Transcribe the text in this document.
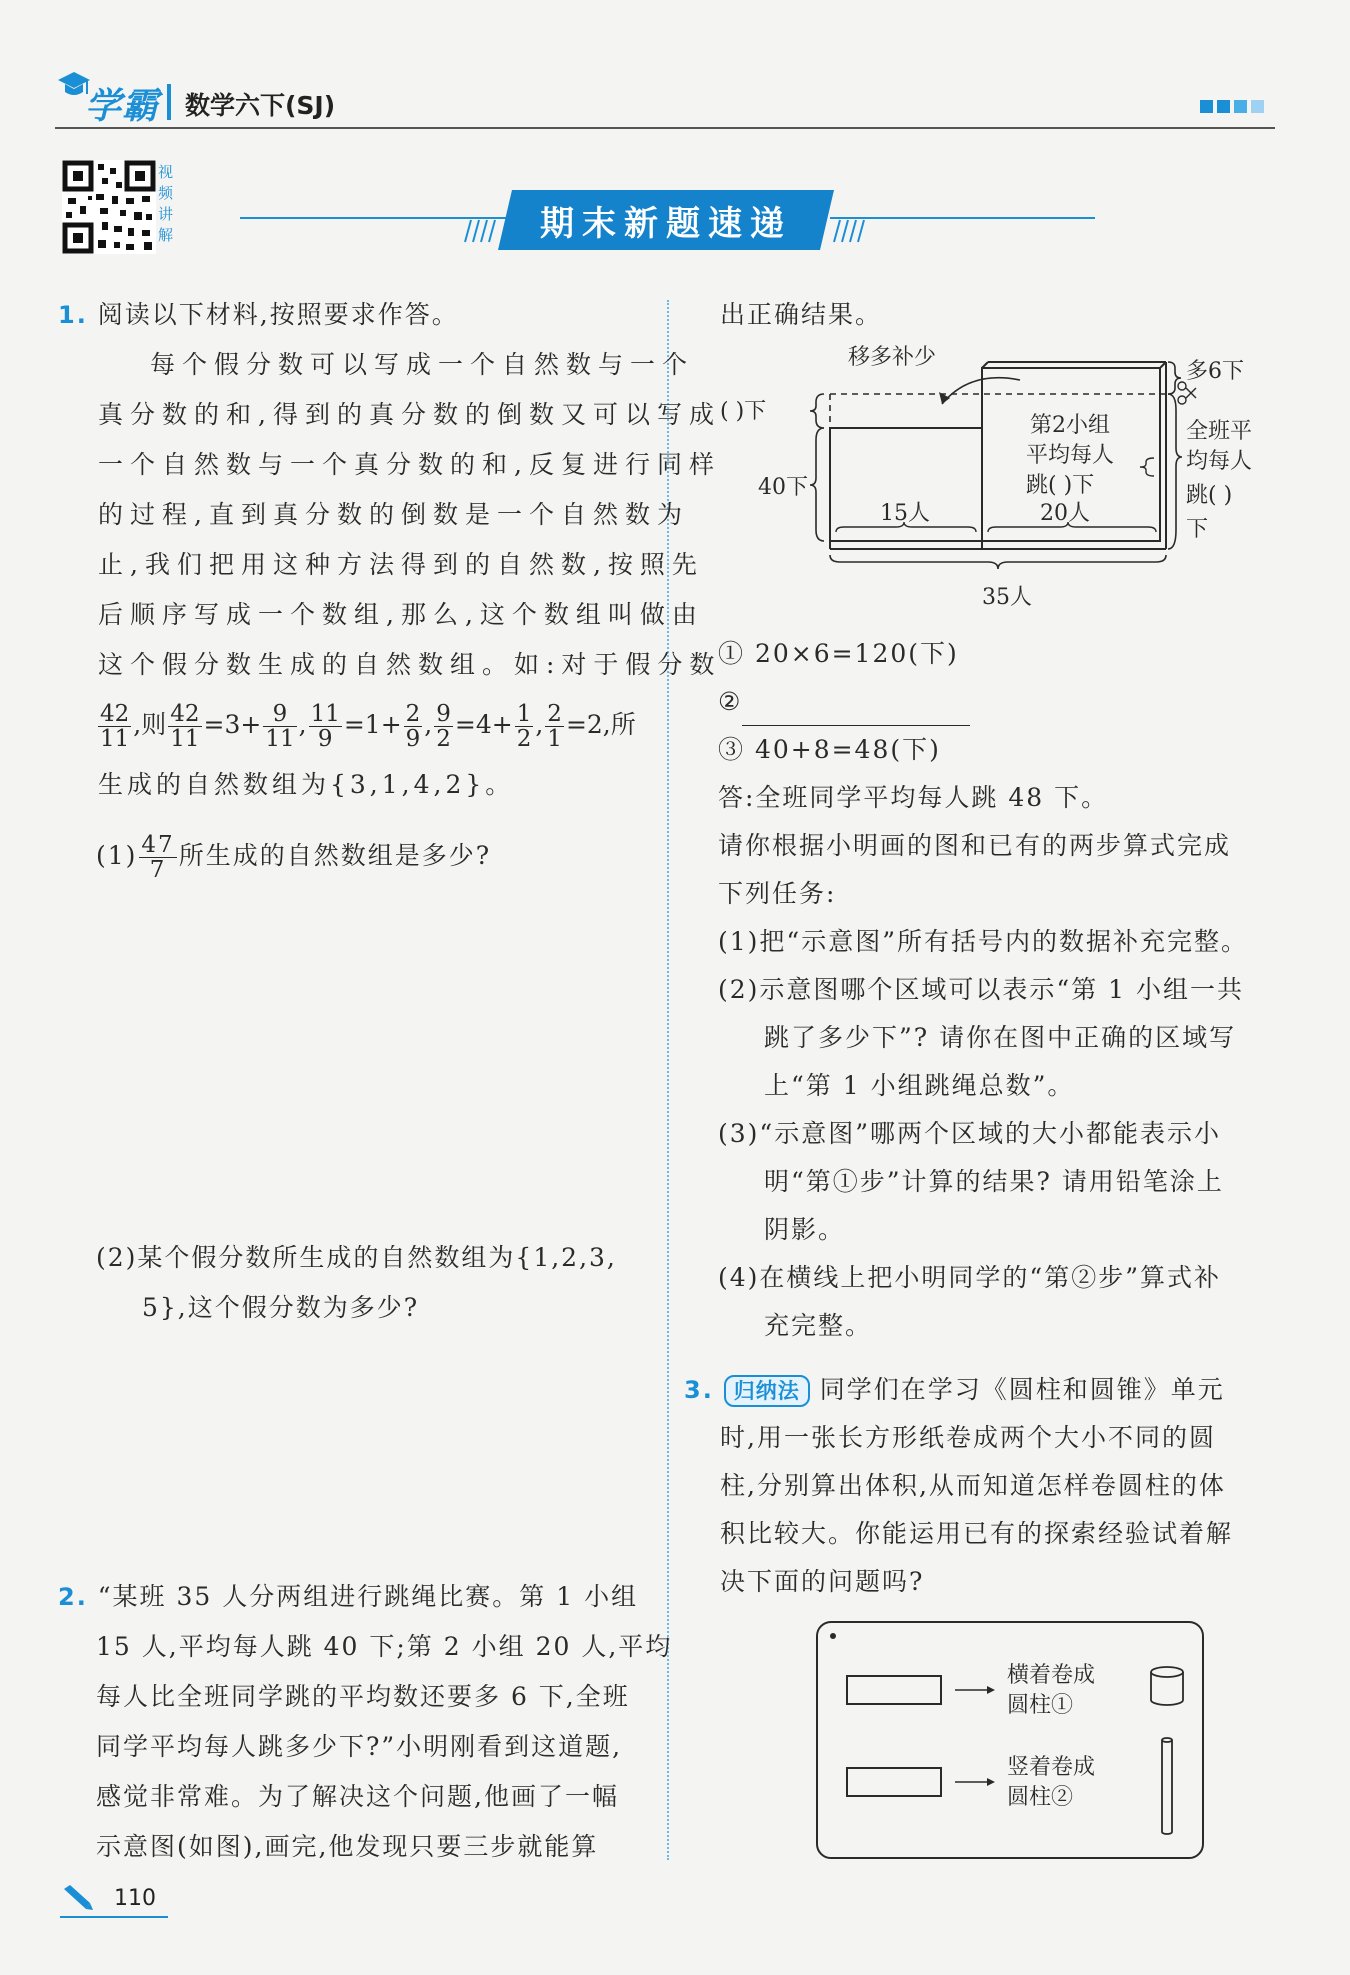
学霸 数学六下(SJ)
视频讲解	期末新题速递
1. 阅读以下材料,按照要求作答。
每个假分数可以写成一个自然数与一个
真分数的和,得到的真分数的倒数又可以写成
一个自然数与一个真分数的和,反复进行同样
的过程,直到真分数的倒数是一个自然数为
止,我们把用这种方法得到的自然数,按照先
后顺序写成一个数组,那么,这个数组叫做由
这个假分数生成的自然数组。如:对于假分数
$\frac{42}{11}$ ,则 $\frac{42}{11} =3+ \frac{9}{11}$ , $\frac{11}{9} =1+ \frac{2}{9}$ , $\frac{9}{2} =4+ \frac{1}{2}$ , $\frac{2}{1} =2$,所
生成的自然数组为{3,1,4,2}。
$(1) \frac{47}{7}$ 所生成的自然数组是多少?
(2)某个假分数所生成的自然数组为{1,2,3,
5},这个假分数为多少?
2. “某班 35 人分两组进行跳绳比赛。第 1 小组
15 人,平均每人跳 40 下;第 2 小组 20 人,平均
每人比全班同学跳的平均数还要多 6 下,全班
同学平均每人跳多少下?”小明刚看到这道题,
感觉非常难。为了解决这个问题,他画了一幅
示意图(如图),画完,他发现只要三步就能算
出正确结果。
移多补少
( )下
40下
15人	20人
第2小组
平均每人
跳( )下
多6下
全班平
均每人
跳( )
下
35人
① 20×6=120(下)
②
③ 40+8=48(下)
答:全班同学平均每人跳 48 下。
请你根据小明画的图和已有的两步算式完成
下列任务:
(1)把“示意图”所有括号内的数据补充完整。
(2)示意图哪个区域可以表示“第 1 小组一共
跳了多少下”? 请你在图中正确的区域写
上“第 1 小组跳绳总数”。
(3)“示意图”哪两个区域的大小都能表示小
明“第①步”计算的结果? 请用铅笔涂上
阴影。
(4)在横线上把小明同学的“第②步”算式补
充完整。
3. 归纳法 同学们在学习《圆柱和圆锥》单元
时,用一张长方形纸卷成两个大小不同的圆
柱,分别算出体积,从而知道怎样卷圆柱的体
积比较大。你能运用已有的探索经验试着解
决下面的问题吗?
横着卷成
圆柱①
竖着卷成
圆柱②
110
